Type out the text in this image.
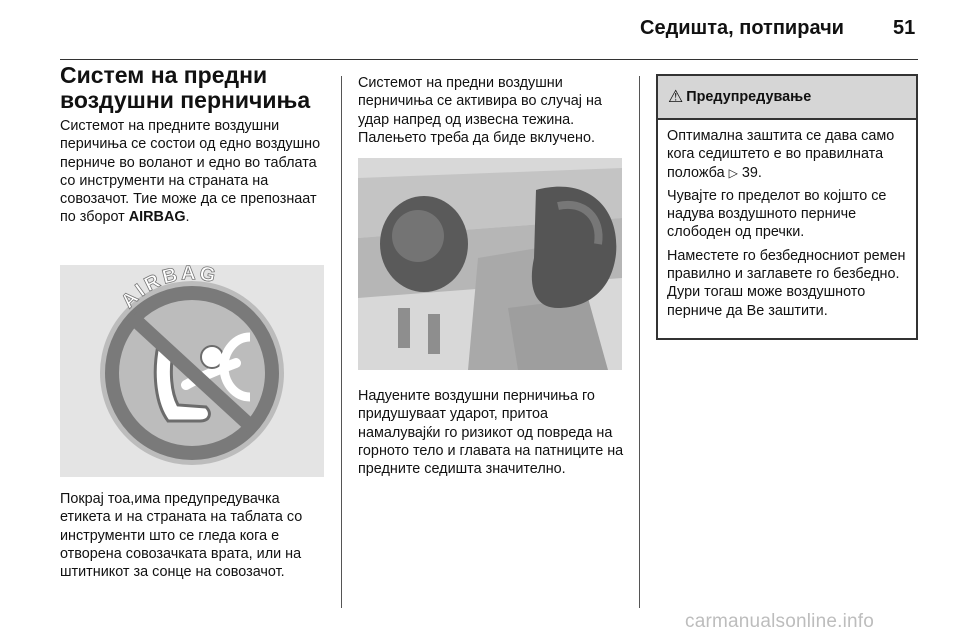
Седишта, потпирачи 51
Систем на предни воздушни перничиња

Системот на предните воздушни перичиња се состои од едно воздушно перниче во воланот и едно во таблата со инструменти на страната на совозачот. Тие може да се препознаат по зборот AIRBAG.

AIRBAG
Покрај тоа,има предупредувачка етикета и на страната на таблата со инструменти што се гледа кога е отворена совозачката врата, или на штитникот за сонце на совозачот.
Системот на предни воздушни перничиња се активира во случај на удар напред од извесна тежина. Палењето треба да биде вклучено.
Надуените воздушни перничиња го придушуваат ударот, притоа намалувајќи го ризикот од повреда на горното тело и главата на патниците на предните седишта значително.
⚠ Предупредување

Оптимална заштита се дава само кога седиштето е во правилната положба ▷ 39.

Чувајте го пределот во којшто се надува воздушното перниче слободен од пречки.

Наместете го безбедносниот ремен правилно и заглавете го безбедно. Дури тогаш може воздушното перниче да Ве заштити.

carmanualsonline.info
